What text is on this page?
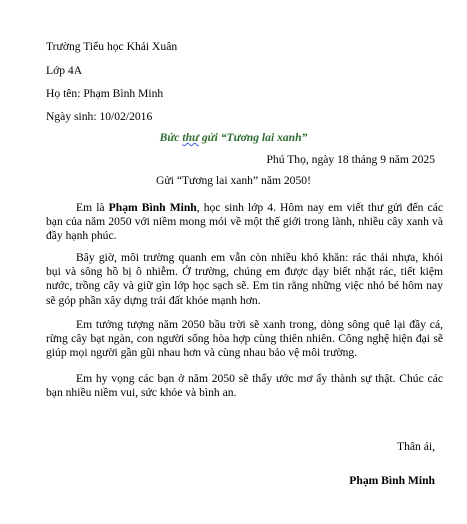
Trường Tiểu học Khải Xuân
Lớp 4A
Họ tên: Phạm Bình Minh
Ngày sinh: 10/02/2016
Bức thư gửi “Tương lai xanh”
Phú Thọ, ngày 18 tháng 9 năm 2025
Gửi “Tương lai xanh” năm 2050!
Em là Phạm Bình Minh, học sinh lớp 4. Hôm nay em viết thư gửi đến các bạn của năm 2050 với niềm mong mỏi về một thế giới trong lành, nhiều cây xanh và đầy hạnh phúc.
Bây giờ, môi trường quanh em vẫn còn nhiều khó khăn: rác thải nhựa, khói bụi và sông hồ bị ô nhiễm. Ở trường, chúng em được dạy biết nhặt rác, tiết kiệm nước, trồng cây và giữ gìn lớp học sạch sẽ. Em tin rằng những việc nhỏ bé hôm nay sẽ góp phần xây dựng trái đất khỏe mạnh hơn.
Em tưởng tượng năm 2050 bầu trời sẽ xanh trong, dòng sông quê lại đầy cá, rừng cây bạt ngàn, con người sống hòa hợp cùng thiên nhiên. Công nghệ hiện đại sẽ giúp mọi người gần gũi nhau hơn và cùng nhau bảo vệ môi trường.
Em hy vọng các bạn ở năm 2050 sẽ thấy ước mơ ấy thành sự thật. Chúc các bạn nhiều niềm vui, sức khỏe và bình an.
Thân ái,
Phạm Bình Minh
